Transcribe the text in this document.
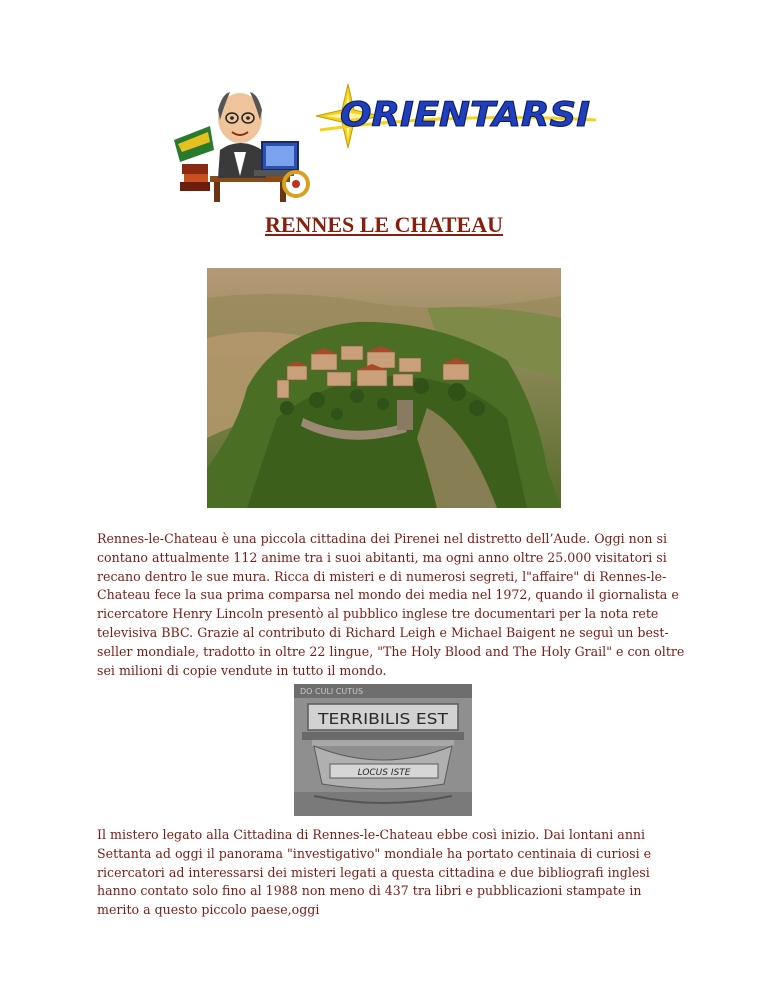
ORIENTARSI
RENNES LE CHATEAU

Rennes-le-Chateau è una piccola cittadina dei Pirenei nel distretto dell’Aude. Oggi non si contano attualmente 112 anime tra i suoi abitanti, ma ogni anno oltre 25.000 visitatori si recano dentro le sue mura. Ricca di misteri e di numerosi segreti, l"affaire" di Rennes-le-Chateau fece la sua prima comparsa nel mondo dei media nel 1972, quando il giornalista e ricercatore Henry Lincoln presentò al pubblico inglese tre documentari per la nota rete televisiva BBC. Grazie al contributo di Richard Leigh e Michael Baigent ne seguì un best-seller mondiale, tradotto in oltre 22 lingue, "The Holy Blood and The Holy Grail" e con oltre sei milioni di copie vendute in tutto il mondo.

DO CULI CUTUS
TERRIBILIS EST
LOCUS ISTE

Il mistero legato alla Cittadina di Rennes-le-Chateau ebbe così inizio. Dai lontani anni Settanta ad oggi il panorama "investigativo" mondiale ha portato centinaia di curiosi e ricercatori ad interessarsi dei misteri legati a questa cittadina e due bibliografi inglesi hanno contato solo fino al 1988 non meno di 437 tra libri e pubblicazioni stampate in merito a questo piccolo paese,oggi
